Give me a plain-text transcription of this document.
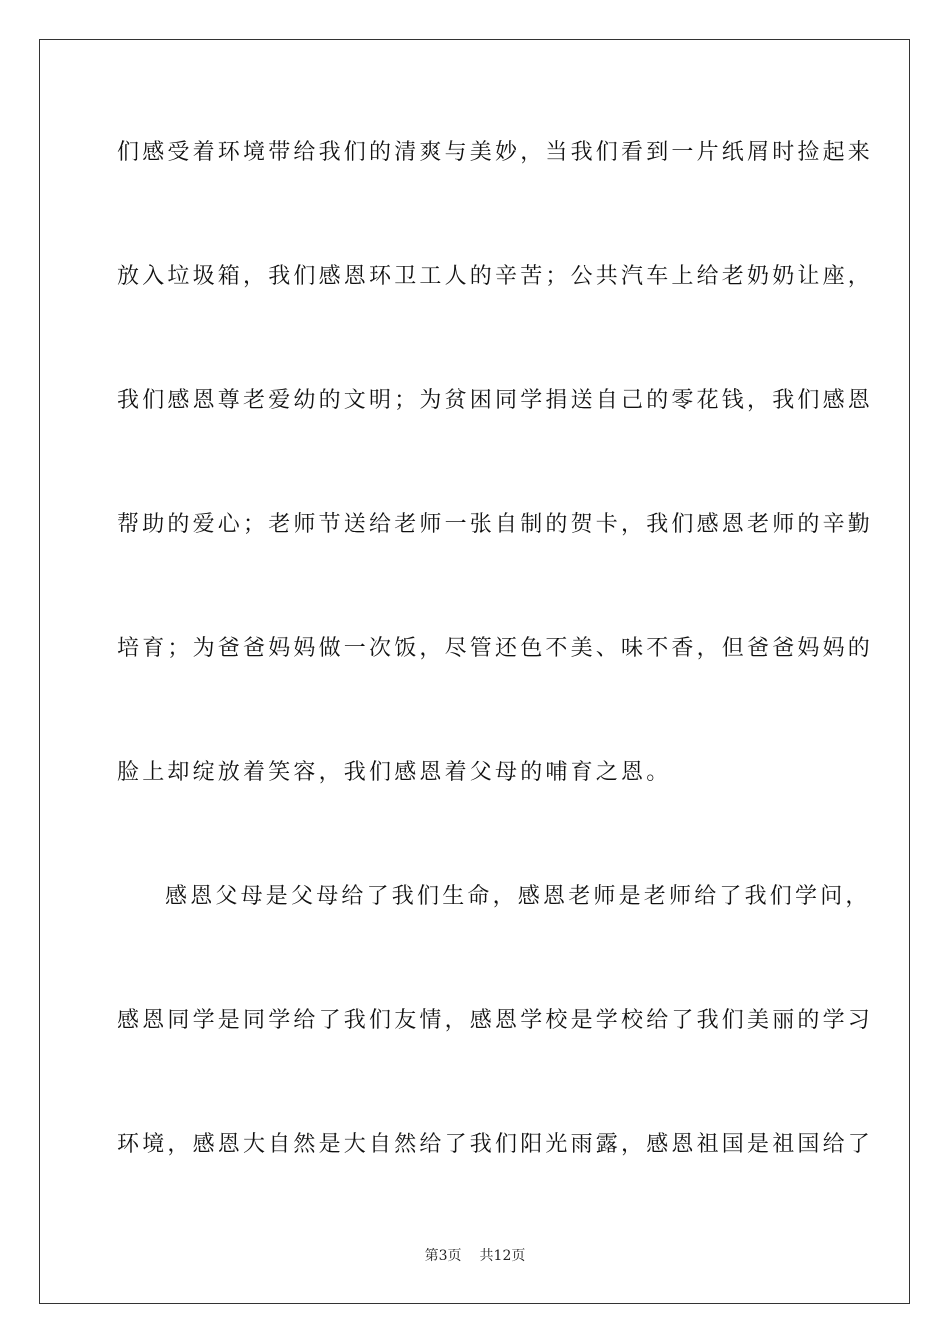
们感受着环境带给我们的清爽与美妙，当我们看到一片纸屑时捡起来
放入垃圾箱，我们感恩环卫工人的辛苦；公共汽车上给老奶奶让座，
我们感恩尊老爱幼的文明；为贫困同学捐送自己的零花钱，我们感恩
帮助的爱心；老师节送给老师一张自制的贺卡，我们感恩老师的辛勤
培育；为爸爸妈妈做一次饭，尽管还色不美、味不香，但爸爸妈妈的
脸上却绽放着笑容，我们感恩着父母的哺育之恩。
感恩父母是父母给了我们生命，感恩老师是老师给了我们学问，
感恩同学是同学给了我们友情，感恩学校是学校给了我们美丽的学习
环境，感恩大自然是大自然给了我们阳光雨露，感恩祖国是祖国给了
第3页 共12页
